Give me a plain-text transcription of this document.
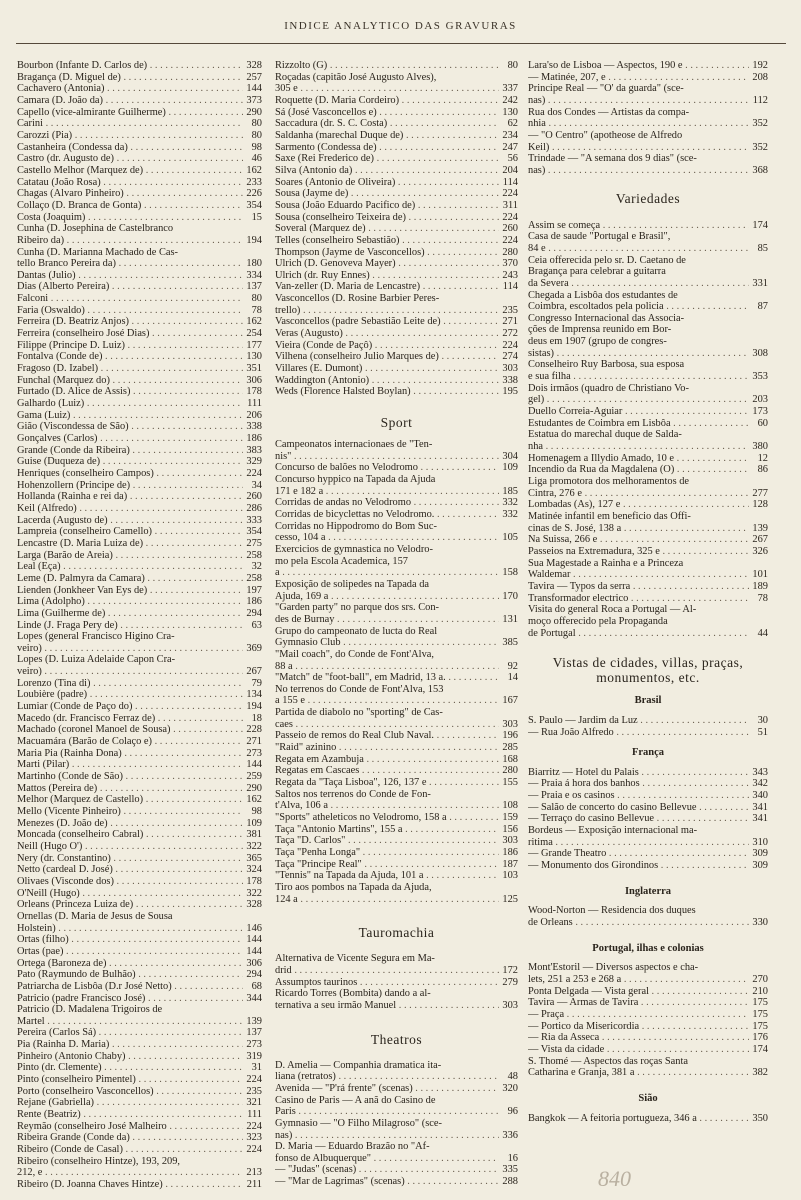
INDICE ANALYTICO DAS GRAVURAS
Bourbon (Infante D. Carlos de) . . .	328
Bragança (D. Miguel de) . . .	257
Cachavero (Antonia) . . .	144
Camara (D. João da) . . .	373
Capello (vice-almirante Guilherme) . . .	290
Carini . . .	80
Carozzi (Pia) . . .	80
Castanheira (Condessa da) . . .	98
Castro (dr. Augusto de) . . .	46
Castello Melhor (Marquez de) . . .	162
Catatau (João Rosa) . . .	233
Chagas (Alvaro Pinheiro) . . .	226
Collaço (D. Branca de Gonta) . . .	354
Costa (Joaquim) . . .	15
Cunha (D. Josephina de Castelbranco
Ribeiro da) . . .	194
Cunha (D. Marianna Machado de Cas-
tello Branco Pereira da) . . .	180
Dantas (Julio) . . .	334
Dias (Alberto Pereira) . . .	137
Falconi . . .	80
Faria (Oswaldo) . . .	78
Ferreira (D. Beatriz Anjos) . . .	162
Ferreira (conselheiro José Dias) . . .	254
Filippe (Principe D. Luiz) . . .	177
Fontalva (Conde de) . . .	130
Fragoso (D. Izabel) . . .	351
Funchal (Marquez do) . . .	306
Furtado (D. Alice de Assis) . . .	178
Galhardo (Luiz) . . .	111
Gama (Luiz) . . .	206
Gião (Viscondessa de São) . . .	338
Gonçalves (Carlos) . . .	186
Grande (Conde da Ribeira) . . .	383
Guise (Duqueza de) . . .	329
Henriques (conselheiro Campos) . . .	224
Hohenzollern (Principe de) . . .	34
Hollanda (Rainha e rei da) . . .	260
Keil (Alfredo) . . .	286
Lacerda (Augusto de) . . .	333
Lampreia (conselheiro Camello) . . .	354
Lencastre (D. Maria Luiza de) . . .	275
Larga (Barão de Areia) . . .	258
Leal (Eça) . . .	32
Leme (D. Palmyra da Camara) . . .	258
Lienden (Jonkheer Van Eys de) . . .	197
Lima (Adolpho) . . .	186
Lima (Guilherme de) . . .	294
Linde (J. Fraga Pery de) . . .	63
Lopes (general Francisco Higino Cra-
veiro) . . .	369
Lopes (D. Luiza Adelaide Capon Cra-
veiro) . . .	267
Lorenzo (Tina di) . . .	79
Loubière (padre) . . .	134
Lumiar (Conde de Paço do) . . .	194
Macedo (dr. Francisco Ferraz de) . . .	18
Machado (coronel Manoel de Sousa) . . .	228
Macuamára (Barão de Colaço e) . . .	271
Maria Pia (Rainha Dona) . . .	273
Marti (Pilar) . . .	144
Martinho (Conde de São) . . .	259
Mattos (Pereira de) . . .	290
Melhor (Marquez de Castello) . . .	162
Mello (Vicente Pinheiro) . . .	98
Menezes (D. João de) . . .	109
Moncada (conselheiro Cabral) . . .	381
Neill (Hugo O') . . .	322
Nery (dr. Constantino) . . .	365
Netto (cardeal D. José) . . .	324
Olivaes (Visconde dos) . . .	178
O'Neill (Hugo) . . .	322
Orleans (Princeza Luiza de) . . .	328
Ornellas (D. Maria de Jesus de Sousa
Holstein) . . .	146
Ortas (filho) . . .	144
Ortas (pae) . . .	144
Ortega (Baroneza de) . . .	306
Pato (Raymundo de Bulhão) . . .	294
Patriarcha de Lisbôa (D.r José Netto) . . .	68
Patricio (padre Francisco José) . . .	344
Patricio (D. Madalena Trigoiros de
Martel . . .	139
Pereira (Carlos Sá) . . .	137
Pia (Rainha D. Maria) . . .	273
Pinheiro (Antonio Chaby) . . .	319
Pinto (dr. Clemente) . . .	31
Pinto (conselheiro Pimentel) . . .	224
Porto (conselheiro Vasconcellos) . . .	235
Rejane (Gabriella) . . .	321
Rente (Beatriz) . . .	111
Reymão (conselheiro José Malheiro . . .	224
Ribeira Grande (Conde da) . . .	323
Ribeiro (Conde de Casal) . . .	224
Ribeiro (conselheiro Hintze), 193, 209,
212, e . . .	213
Ribeiro (D. Joanna Chaves Hintze) . . .	211
Rizzolto (G) . . .	80
Roçadas (capitão José Augusto Alves),
305 e . . .	337
Roquette (D. Maria Cordeiro) . . .	242
Sá (José Vasconcellos e) . . .	130
Saccadura (dr. S. C. Costa) . . .	62
Saldanha (marechal Duque de) . . .	234
Sarmento (Condessa de) . . .	247
Saxe (Rei Frederico de) . . .	56
Silva (Antonio da) . . .	204
Soares (Antonio de Oliveira) . . .	114
Sousa (Jayme de) . . .	224
Sousa (João Eduardo Pacifico de) . . .	311
Sousa (conselheiro Teixeira de) . . .	224
Soveral (Marquez de) . . .	260
Telles (conselheiro Sebastião) . . .	224
Thompson (Jayme de Vasconcellos) . . .	280
Ulrich (D. Genoveva Mayer) . . .	370
Ulrich (dr. Ruy Ennes) . . .	243
Van-zeller (D. Maria de Lencastre) . . .	114
Vasconcellos (D. Rosine Barbier Peres-
trello) . . .	235
Vasconcellos (padre Sebastião Leite de) . . .	271
Veras (Augusto) . . .	272
Vieira (Conde de Paçô) . . .	224
Vilhena (conselheiro Julio Marques de) . . .	274
Villares (E. Dumont) . . .	303
Waddington (Antonio) . . .	338
Weds (Florence Halsted Boylan) . . .	195
Sport
Campeonatos internacionaes de "Ten-
nis" . . .	304
Concurso de balões no Velodromo . . .	109
Concurso hyppico na Tapada da Ajuda
171 e 182 a . . .	185
Corridas de andas no Velodromo . . .	332
Corridas de bicyclettas no Velodromo. . . .	332
Corridas no Hippodromo do Bom Suc-
cesso, 104 a . . .	105
Exercicios de gymnastica no Velodro-
mo pela Escola Academica, 157
a . . .	158
Exposição de solipedes na Tapada da
Ajuda, 169 a . . .	170
"Garden party" no parque dos srs. Con-
des de Burnay . . .	131
Grupo do campeonato de lucta do Real
Gymnasio Club . . .	385
"Mail coach", do Conde de Font'Alva,
88 a . . .	92
"Match" de "foot-ball", em Madrid, 13 a. . . .	14
No terrenos do Conde de Font'Alva, 153
a 155 e . . .	167
Partida de diabolo no "sporting" de Cas-
caes . . .	303
Passeio de remos do Real Club Naval. . . .	196
"Raid" azinino . . .	285
Regata em Azambuja . . .	168
Regatas em Cascaes . . .	280
Regata da "Taça Lisboa", 126, 137 e . . .	155
Saltos nos terrenos do Conde de Fon-
t'Alva, 106 a . . .	108
"Sports" atheleticos no Velodromo, 158 a . . .	159
Taça "Antonio Martins", 155 a . . .	156
Taça "D. Carlos" . . .	303
Taça "Penha Longa" . . .	186
Taça "Principe Real" . . .	187
"Tennis" na Tapada da Ajuda, 101 a . . .	103
Tiro aos pombos na Tapada da Ajuda,
124 a . . .	125
Tauromachia
Alternativa de Vicente Segura em Ma-
drid . . .	172
Assumptos taurinos . . .	279
Ricardo Torres (Bombita) dando a al-
ternativa a seu irmão Manuel . . .	303
Theatros
D. Amelia — Companhia dramatica ita-
liana (retratos) . . .	48
Avenida — "P'rá frente" (scenas) . . .	320
Casino de Paris — A anã do Casino de
Paris . . .	96
Gymnasio — "O Filho Milagroso" (sce-
nas) . . .	336
D. Maria — Eduardo Brazão no "Af-
fonso de Albuquerque" . . .	16
— "Judas" (scenas) . . .	335
— "Mar de Lagrimas" (scenas) . . .	288
Lara'so de Lisboa — Aspectos, 190 e . . .	192
— Matinée, 207, e . . .	208
Principe Real — "O' da guarda" (sce-
nas) . . .	112
Rua dos Condes — Artistas da compa-
nhia . . .	352
— "O Centro" (apotheose de Alfredo
Keil) . . .	352
Trindade — "A semana dos 9 dias" (sce-
nas) . . .	368
Variedades
Assim se começa . . .	174
Casa de saude "Portugal e Brasil",
84 e . . .	85
Ceia offerecida pelo sr. D. Caetano de
Bragança para celebrar a guitarra
da Severa . . .	331
Chegada a Lisbôa dos estudantes de
Coimbra, escoltados pela policia . . .	87
Congresso Internacional das Associa-
ções de Imprensa reunido em Bor-
deus em 1907 (grupo de congres-
sistas) . . .	308
Conselheiro Ruy Barbosa, sua esposa
e sua filha . . .	353
Dois irmãos (quadro de Christiano Vo-
gel) . . .	203
Duello Correia-Aguiar . . .	173
Estudantes de Coimbra em Lisbôa . . .	60
Estatua do marechal duque de Salda-
nha . . .	380
Homenagem a Illydio Amado, 10 e . . .	12
Incendio da Rua da Magdalena (O) . . .	86
Liga promotora dos melhoramentos de
Cintra, 276 e . . .	277
Lombadas (As), 127 e . . .	128
Matinée infantil em beneficio das Offi-
cinas de S. José, 138 a . . .	139
Na Suissa, 266 e . . .	267
Passeios na Extremadura, 325 e . . .	326
Sua Magestade a Rainha e a Princeza
Waldemar . . .	101
Tavira — Typos da serra . . .	189
Transformador electrico . . .	78
Visita do general Roca a Portugal — Al-
moço offerecido pela Propaganda
de Portugal . . .	44
Vistas de cidades, villas, praças, monumentos, etc.
Brasil
S. Paulo — Jardim da Luz . . .	30
— Rua João Alfredo . . .	51
França
Biarritz — Hotel du Palais . . .	343
— Praia á hora dos banhos . . .	342
— Praia e os casinos . . .	340
— Salão de concerto do casino Bellevue . . .	341
— Terraço do casino Bellevue . . .	341
Bordeus — Exposição internacional ma-
ritima . . .	310
— Grande Theatro . . .	309
— Monumento dos Girondinos . . .	309
Inglaterra
Wood-Norton — Residencia dos duques
de Orleans . . .	330
Portugal, ilhas e colonias
Mont'Estoril — Diversos aspectos e cha-
lets, 251 a 253 e 268 a . . .	270
Ponta Delgada — Vista geral . . .	210
Tavira — Armas de Tavira . . .	175
— Praça . . .	175
— Portico da Misericordia . . .	175
— Ria da Asseca . . .	176
— Vista da cidade . . .	174
S. Thomé — Aspectos das roças Santa
Catharina e Granja, 381 a . . .	382
Sião
Bangkok — A feitoria portugueza, 346 a . . .	350
840
